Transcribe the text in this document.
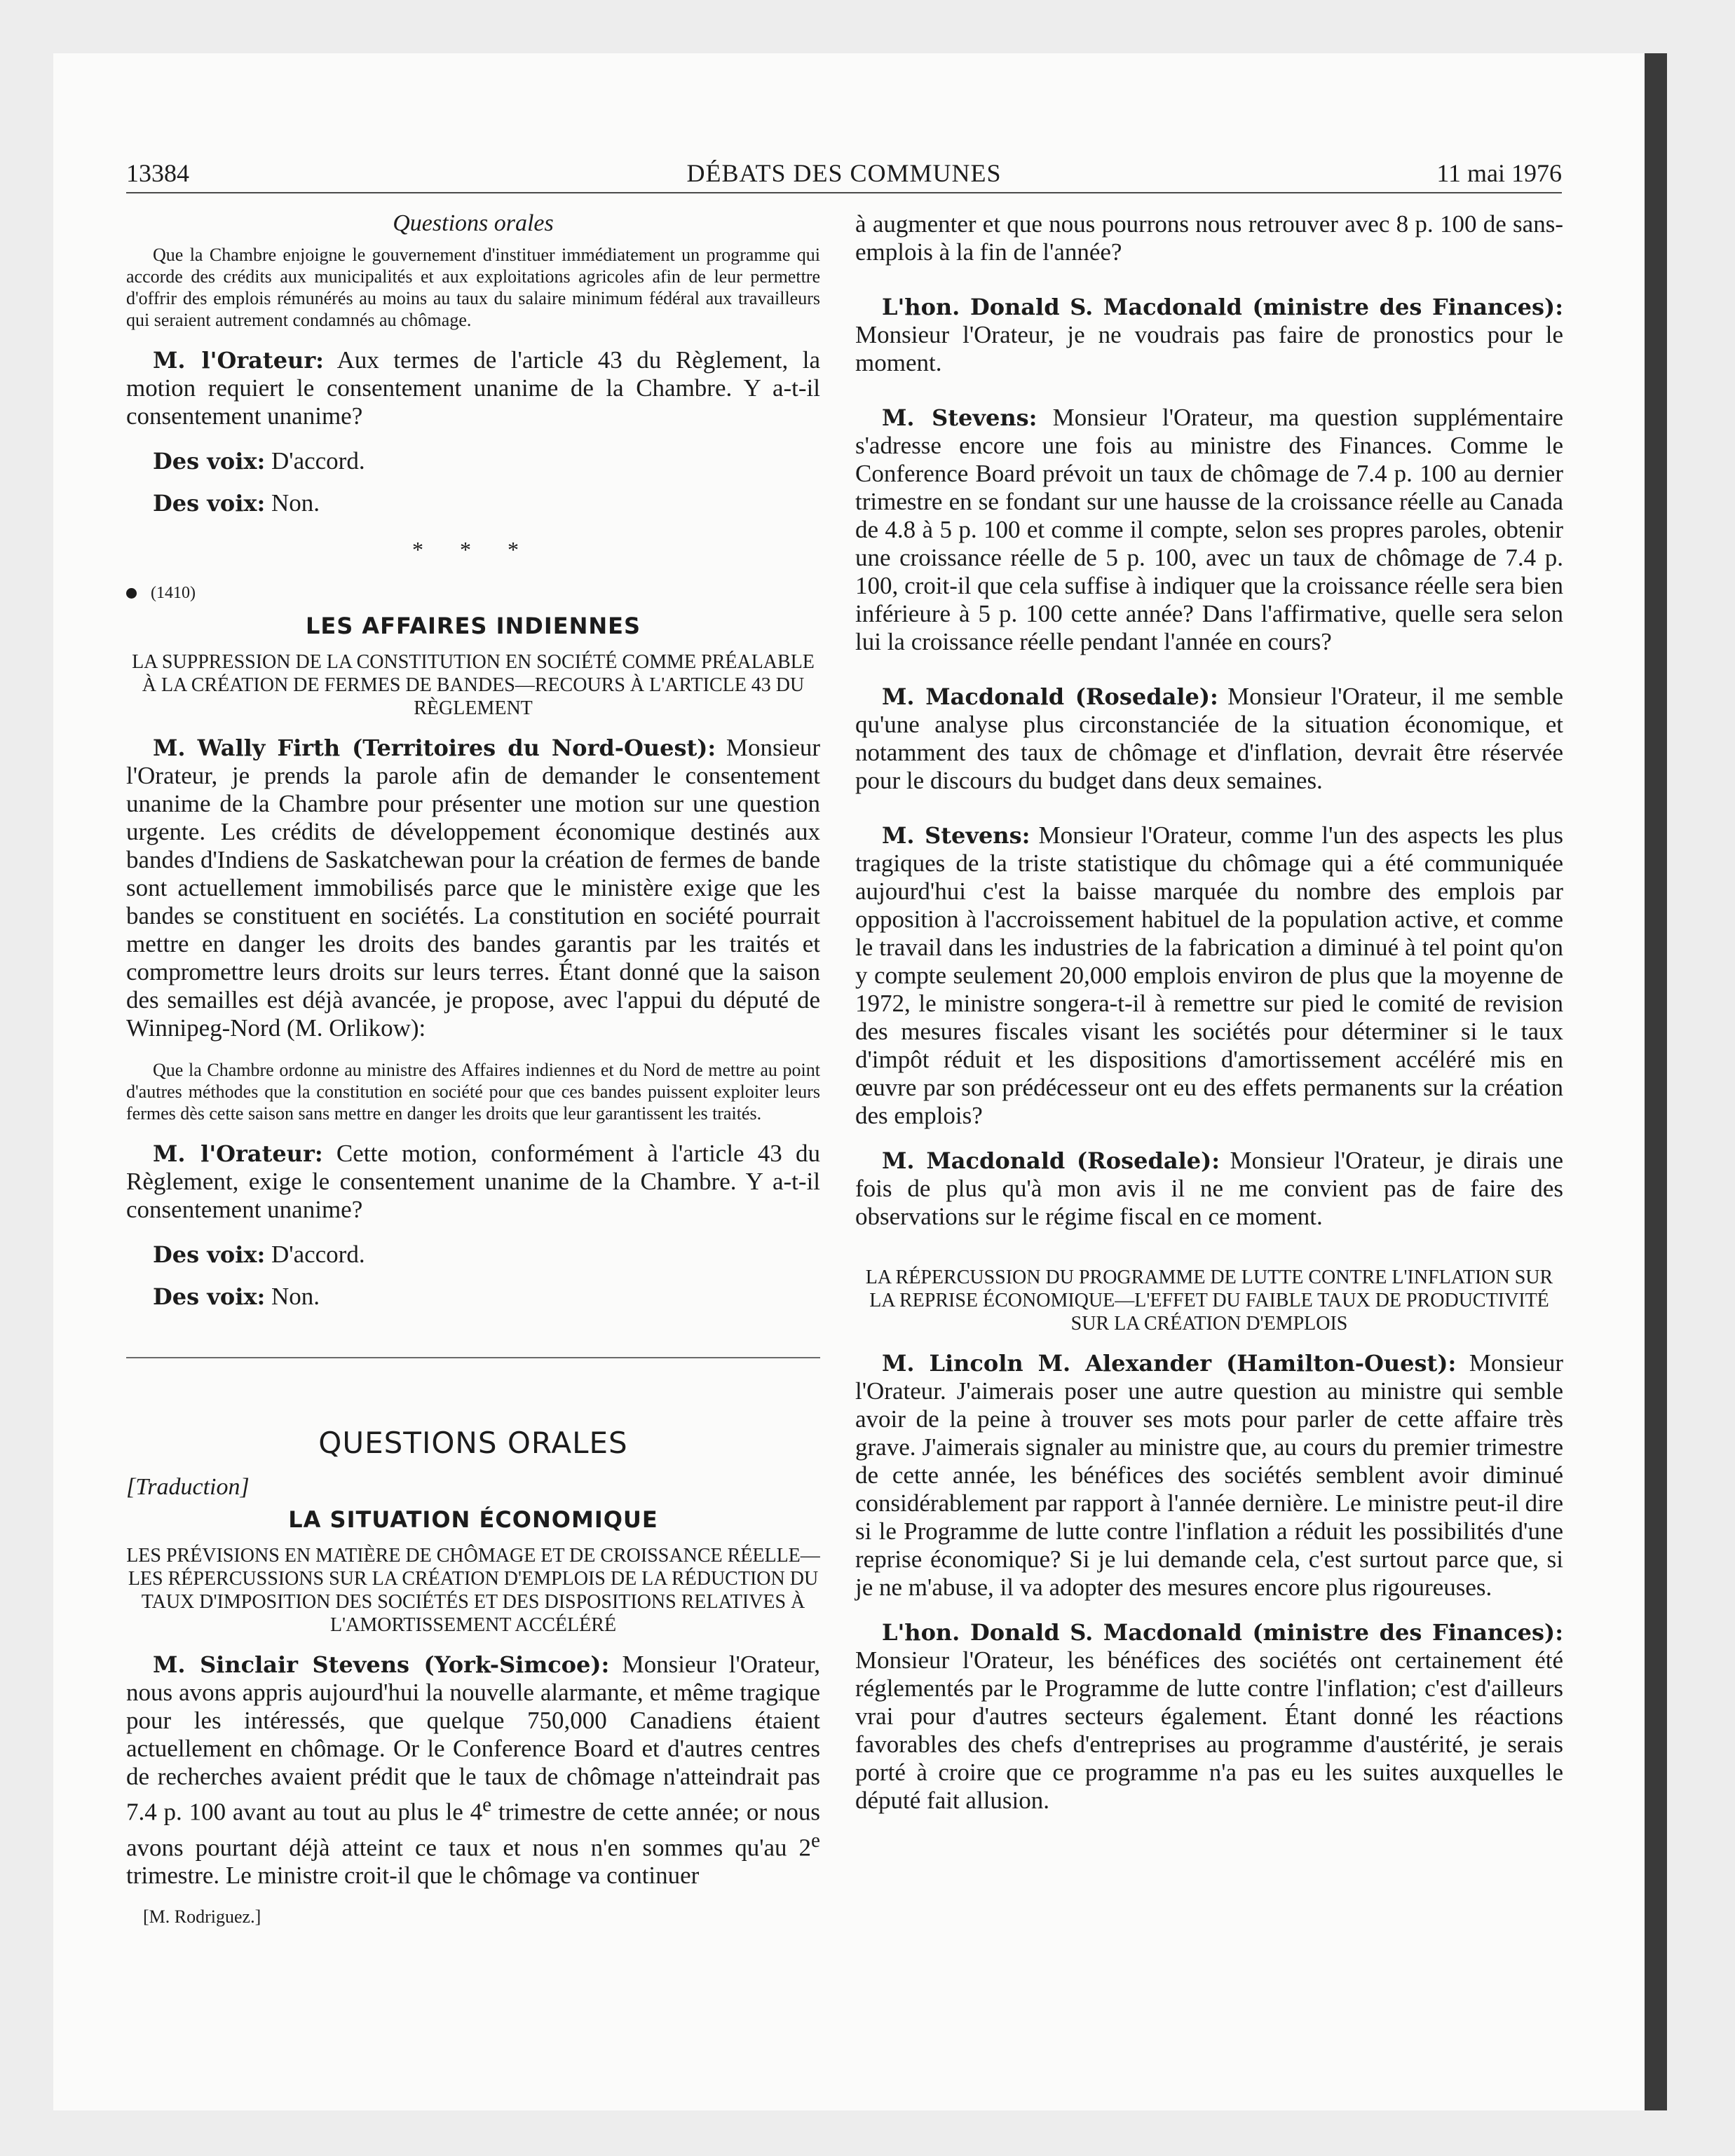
13384	DÉBATS DES COMMUNES	11 mai 1976
Questions orales

Que la Chambre enjoigne le gouvernement d'instituer immédiatement un programme qui accorde des crédits aux municipalités et aux exploitations agricoles afin de leur permettre d'offrir des emplois rémunérés au moins au taux du salaire minimum fédéral aux travailleurs qui seraient autrement condamnés au chômage.

M. l'Orateur: Aux termes de l'article 43 du Règlement, la motion requiert le consentement unanime de la Chambre. Y a-t-il consentement unanime?

Des voix: D'accord.

Des voix: Non.

* * *
(1410)
LES AFFAIRES INDIENNES
LA SUPPRESSION DE LA CONSTITUTION EN SOCIÉTÉ COMME PRÉALABLE À LA CRÉATION DE FERMES DE BANDES—RECOURS À L'ARTICLE 43 DU RÈGLEMENT

M. Wally Firth (Territoires du Nord-Ouest): Monsieur l'Orateur, je prends la parole afin de demander le consentement unanime de la Chambre pour présenter une motion sur une question urgente. Les crédits de développement économique destinés aux bandes d'Indiens de Saskatchewan pour la création de fermes de bande sont actuellement immobilisés parce que le ministère exige que les bandes se constituent en sociétés. La constitution en société pourrait mettre en danger les droits des bandes garantis par les traités et compromettre leurs droits sur leurs terres. Étant donné que la saison des semailles est déjà avancée, je propose, avec l'appui du député de Winnipeg-Nord (M. Orlikow):

Que la Chambre ordonne au ministre des Affaires indiennes et du Nord de mettre au point d'autres méthodes que la constitution en société pour que ces bandes puissent exploiter leurs fermes dès cette saison sans mettre en danger les droits que leur garantissent les traités.

M. l'Orateur: Cette motion, conformément à l'article 43 du Règlement, exige le consentement unanime de la Chambre. Y a-t-il consentement unanime?

Des voix: D'accord.

Des voix: Non.

QUESTIONS ORALES
[Traduction]
LA SITUATION ÉCONOMIQUE
LES PRÉVISIONS EN MATIÈRE DE CHÔMAGE ET DE CROISSANCE RÉELLE—LES RÉPERCUSSIONS SUR LA CRÉATION D'EMPLOIS DE LA RÉDUCTION DU TAUX D'IMPOSITION DES SOCIÉTÉS ET DES DISPOSITIONS RELATIVES À L'AMORTISSEMENT ACCÉLÉRÉ

M. Sinclair Stevens (York-Simcoe): Monsieur l'Orateur, nous avons appris aujourd'hui la nouvelle alarmante, et même tragique pour les intéressés, que quelque 750,000 Canadiens étaient actuellement en chômage. Or le Conference Board et d'autres centres de recherches avaient prédit que le taux de chômage n'atteindrait pas 7.4 p. 100 avant au tout au plus le 4e trimestre de cette année; or nous avons pourtant déjà atteint ce taux et nous n'en sommes qu'au 2e trimestre. Le ministre croit-il que le chômage va continuer

[M. Rodriguez.]

à augmenter et que nous pourrons nous retrouver avec 8 p. 100 de sans-emplois à la fin de l'année?

L'hon. Donald S. Macdonald (ministre des Finances): Monsieur l'Orateur, je ne voudrais pas faire de pronostics pour le moment.

M. Stevens: Monsieur l'Orateur, ma question supplémentaire s'adresse encore une fois au ministre des Finances. Comme le Conference Board prévoit un taux de chômage de 7.4 p. 100 au dernier trimestre en se fondant sur une hausse de la croissance réelle au Canada de 4.8 à 5 p. 100 et comme il compte, selon ses propres paroles, obtenir une croissance réelle de 5 p. 100, avec un taux de chômage de 7.4 p. 100, croit-il que cela suffise à indiquer que la croissance réelle sera bien inférieure à 5 p. 100 cette année? Dans l'affirmative, quelle sera selon lui la croissance réelle pendant l'année en cours?

M. Macdonald (Rosedale): Monsieur l'Orateur, il me semble qu'une analyse plus circonstanciée de la situation économique, et notamment des taux de chômage et d'inflation, devrait être réservée pour le discours du budget dans deux semaines.

M. Stevens: Monsieur l'Orateur, comme l'un des aspects les plus tragiques de la triste statistique du chômage qui a été communiquée aujourd'hui c'est la baisse marquée du nombre des emplois par opposition à l'accroissement habituel de la population active, et comme le travail dans les industries de la fabrication a diminué à tel point qu'on y compte seulement 20,000 emplois environ de plus que la moyenne de 1972, le ministre songera-t-il à remettre sur pied le comité de revision des mesures fiscales visant les sociétés pour déterminer si le taux d'impôt réduit et les dispositions d'amortissement accéléré mis en œuvre par son prédécesseur ont eu des effets permanents sur la création des emplois?

M. Macdonald (Rosedale): Monsieur l'Orateur, je dirais une fois de plus qu'à mon avis il ne me convient pas de faire des observations sur le régime fiscal en ce moment.

LA RÉPERCUSSION DU PROGRAMME DE LUTTE CONTRE L'INFLATION SUR LA REPRISE ÉCONOMIQUE—L'EFFET DU FAIBLE TAUX DE PRODUCTIVITÉ SUR LA CRÉATION D'EMPLOIS

M. Lincoln M. Alexander (Hamilton-Ouest): Monsieur l'Orateur. J'aimerais poser une autre question au ministre qui semble avoir de la peine à trouver ses mots pour parler de cette affaire très grave. J'aimerais signaler au ministre que, au cours du premier trimestre de cette année, les bénéfices des sociétés semblent avoir diminué considérablement par rapport à l'année dernière. Le ministre peut-il dire si le Programme de lutte contre l'inflation a réduit les possibilités d'une reprise économique? Si je lui demande cela, c'est surtout parce que, si je ne m'abuse, il va adopter des mesures encore plus rigoureuses.

L'hon. Donald S. Macdonald (ministre des Finances): Monsieur l'Orateur, les bénéfices des sociétés ont certainement été réglementés par le Programme de lutte contre l'inflation; c'est d'ailleurs vrai pour d'autres secteurs également. Étant donné les réactions favorables des chefs d'entreprises au programme d'austérité, je serais porté à croire que ce programme n'a pas eu les suites auxquelles le député fait allusion.
